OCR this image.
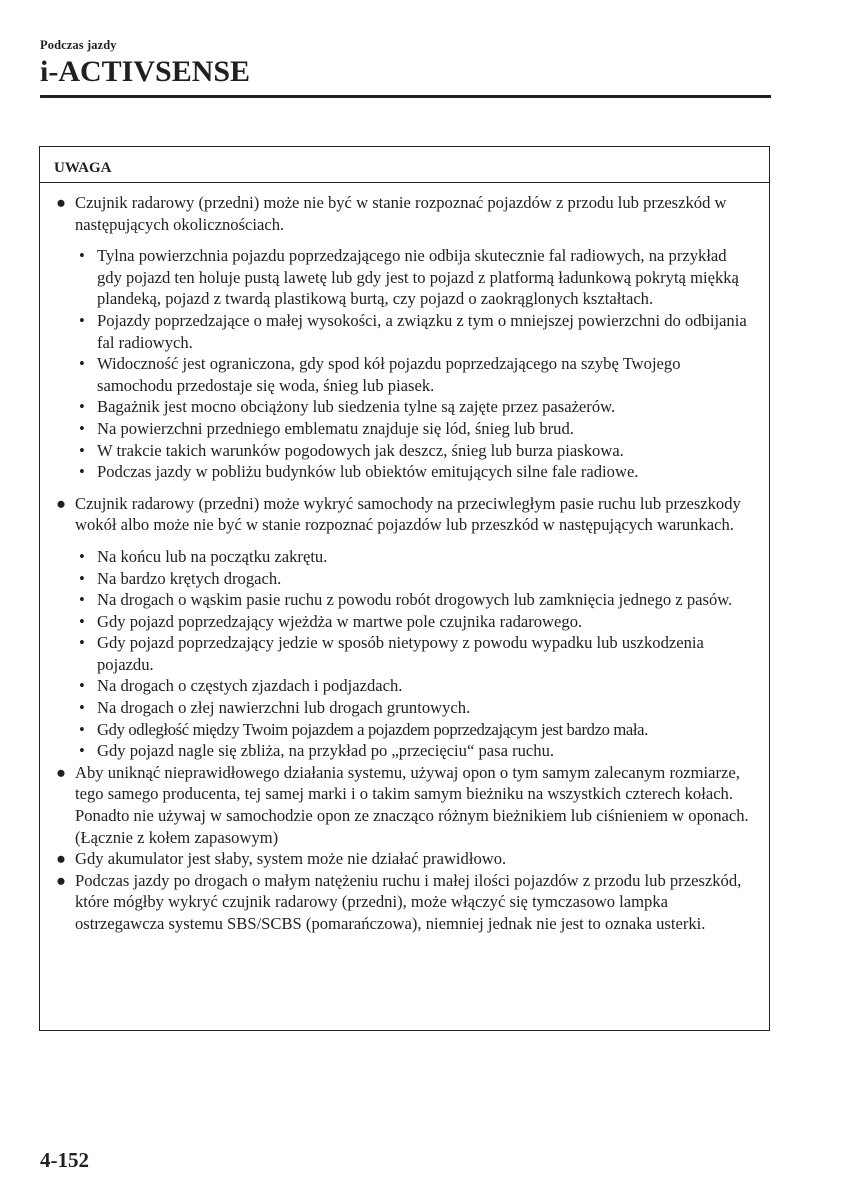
Podczas jazdy
i-ACTIVSENSE
UWAGA
● Czujnik radarowy (przedni) może nie być w stanie rozpoznać pojazdów z przodu lub przeszkód w następujących okolicznościach.
• Tylna powierzchnia pojazdu poprzedzającego nie odbija skutecznie fal radiowych, na przykład gdy pojazd ten holuje pustą lawetę lub gdy jest to pojazd z platformą ładunkową pokrytą miękką plandeką, pojazd z twardą plastikową burtą, czy pojazd o zaokrąglonych kształtach.
• Pojazdy poprzedzające o małej wysokości, a związku z tym o mniejszej powierzchni do odbijania fal radiowych.
• Widoczność jest ograniczona, gdy spod kół pojazdu poprzedzającego na szybę Twojego samochodu przedostaje się woda, śnieg lub piasek.
• Bagażnik jest mocno obciążony lub siedzenia tylne są zajęte przez pasażerów.
• Na powierzchni przedniego emblematu znajduje się lód, śnieg lub brud.
• W trakcie takich warunków pogodowych jak deszcz, śnieg lub burza piaskowa.
• Podczas jazdy w pobliżu budynków lub obiektów emitujących silne fale radiowe.
● Czujnik radarowy (przedni) może wykryć samochody na przeciwległym pasie ruchu lub przeszkody wokół albo może nie być w stanie rozpoznać pojazdów lub przeszkód w następujących warunkach.
• Na końcu lub na początku zakrętu.
• Na bardzo krętych drogach.
• Na drogach o wąskim pasie ruchu z powodu robót drogowych lub zamknięcia jednego z pasów.
• Gdy pojazd poprzedzający wjeżdża w martwe pole czujnika radarowego.
• Gdy pojazd poprzedzający jedzie w sposób nietypowy z powodu wypadku lub uszkodzenia pojazdu.
• Na drogach o częstych zjazdach i podjazdach.
• Na drogach o złej nawierzchni lub drogach gruntowych.
• Gdy odległość między Twoim pojazdem a pojazdem poprzedzającym jest bardzo mała.
• Gdy pojazd nagle się zbliża, na przykład po „przecięciu“ pasa ruchu.
● Aby uniknąć nieprawidłowego działania systemu, używaj opon o tym samym zalecanym rozmiarze, tego samego producenta, tej samej marki i o takim samym bieżniku na wszystkich czterech kołach. Ponadto nie używaj w samochodzie opon ze znacząco różnym bieżnikiem lub ciśnieniem w oponach. (Łącznie z kołem zapasowym)
● Gdy akumulator jest słaby, system może nie działać prawidłowo.
● Podczas jazdy po drogach o małym natężeniu ruchu i małej ilości pojazdów z przodu lub przeszkód, które mógłby wykryć czujnik radarowy (przedni), może włączyć się tymczasowo lampka ostrzegawcza systemu SBS/SCBS (pomarańczowa), niemniej jednak nie jest to oznaka usterki.
4-152
